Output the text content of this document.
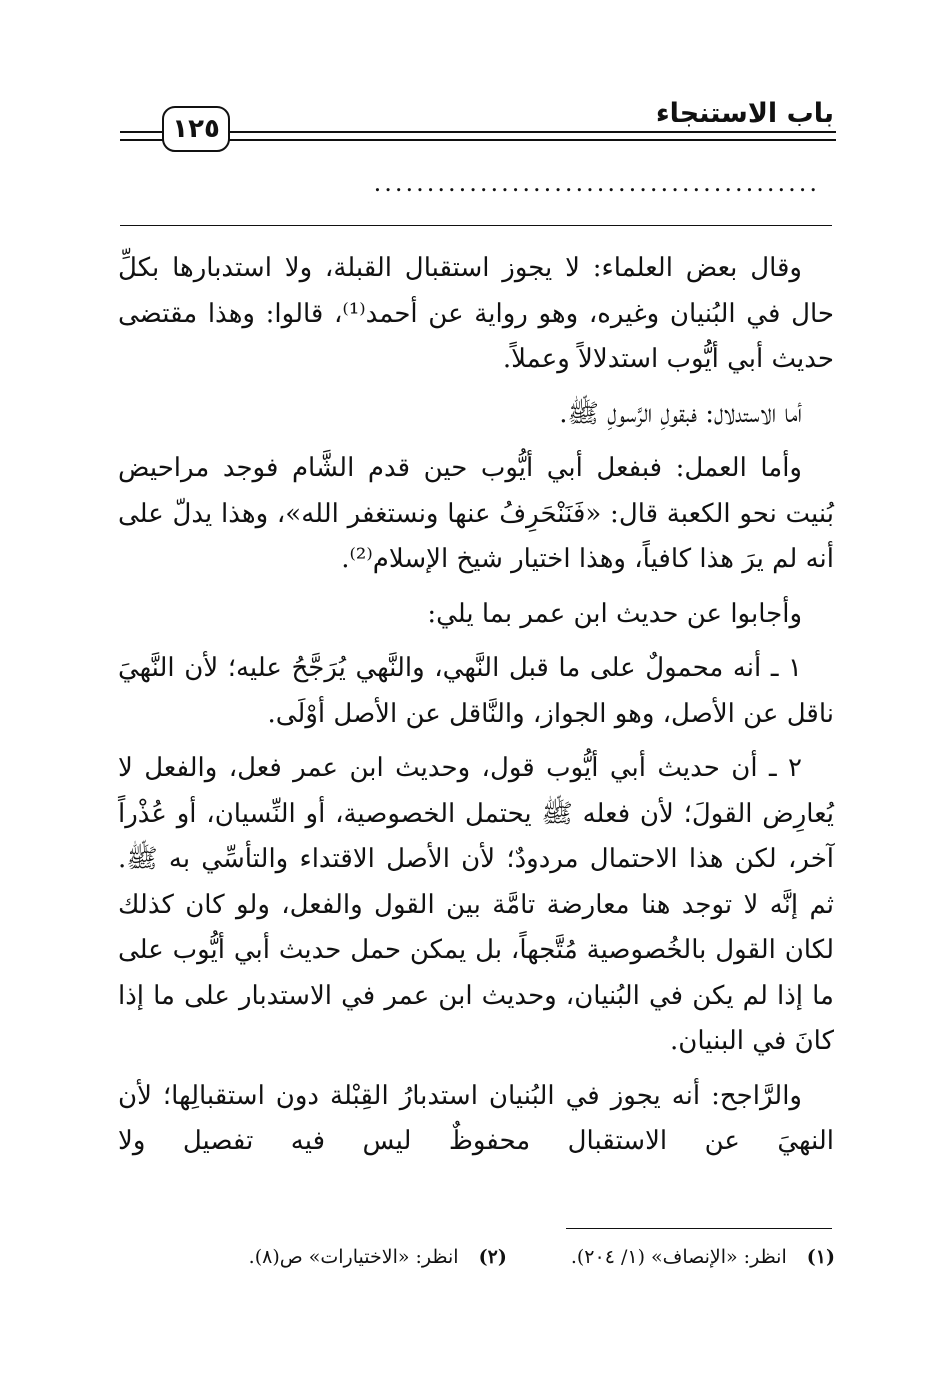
باب الاستنجاء
١٢٥
..........................................

وقال بعض العلماء: لا يجوز استقبال القبلة، ولا استدبارها بكلِّ حال في البُنيان وغيره، وهو رواية عن أحمد⁽¹⁾، قالوا: وهذا مقتضى حديث أبي أيُّوب استدلالاً وعملاً.

أما الاستدلال: فبقولِ الرَّسولِ ﷺ.

وأما العمل: فبفعل أبي أيُّوب حين قدم الشَّام فوجد مراحيض بُنيت نحو الكعبة قال: «فَنَنْحَرِفُ عنها ونستغفر الله»، وهذا يدلّ على أنه لم يرَ هذا كافياً، وهذا اختيار شيخ الإسلام⁽²⁾.

وأجابوا عن حديث ابن عمر بما يلي:

١ ـ أنه محمولٌ على ما قبل النَّهي، والنَّهي يُرَجَّحُ عليه؛ لأن النَّهيَ ناقل عن الأصل، وهو الجواز، والنَّاقل عن الأصل أوْلَى.

٢ ـ أن حديث أبي أيُّوب قول، وحديث ابن عمر فعل، والفعل لا يُعارِض القولَ؛ لأن فعله ﷺ يحتمل الخصوصية، أو النِّسيان، أو عُذْراً آخر، لكن هذا الاحتمال مردودٌ؛ لأن الأصل الاقتداء والتأسِّي به ﷺ. ثم إنَّه لا توجد هنا معارضة تامَّة بين القول والفعل، ولو كان كذلك لكان القول بالخُصوصية مُتَّجهاً، بل يمكن حمل حديث أبي أيُّوب على ما إذا لم يكن في البُنيان، وحديث ابن عمر في الاستدبار على ما إذا كانَ في البنيان.

والرَّاجح: أنه يجوز في البُنيان استدبارُ القِبْلة دون استقبالِها؛ لأن النهيَ عن الاستقبال محفوظٌ ليس فيه تفصيل ولا

(١) انظر: «الإنصاف» (١/ ٢٠٤).
(٢) انظر: «الاختيارات» ص(٨).
